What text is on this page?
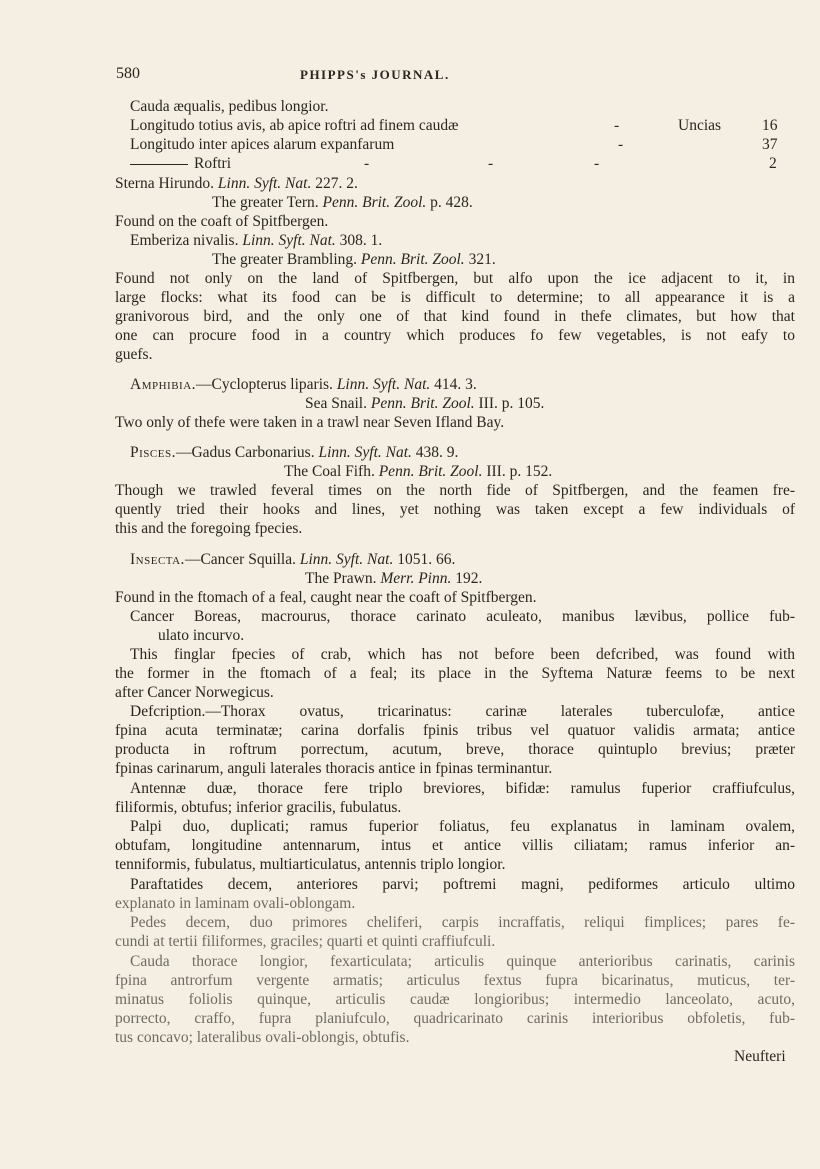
580	PHIPPS's JOURNAL.
Cauda æqualis, pedibus longior.
Longitudo totius avis, ab apice roftri ad finem caudæ	-	Uncias	16
Longitudo inter apices alarum expanfarum	-	37
Roftri	-	-	-	2
Sterna Hirundo. Linn. Syft. Nat. 227. 2.
The greater Tern. Penn. Brit. Zool. p. 428.
Found on the coaft of Spitfbergen.
Emberiza nivalis. Linn. Syft. Nat. 308. 1.
The greater Brambling. Penn. Brit. Zool. 321.
Found not only on the land of Spitfbergen, but alfo upon the ice adjacent to it, in
large flocks: what its food can be is difficult to determine; to all appearance it is a
granivorous bird, and the only one of that kind found in thefe climates, but how that
one can procure food in a country which produces fo few vegetables, is not eafy to
guefs.
Amphibia.—Cyclopterus liparis. Linn. Syft. Nat. 414. 3.
Sea Snail. Penn. Brit. Zool. III. p. 105.
Two only of thefe were taken in a trawl near Seven Ifland Bay.
Pisces.—Gadus Carbonarius. Linn. Syft. Nat. 438. 9.
The Coal Fifh. Penn. Brit. Zool. III. p. 152.
Though we trawled feveral times on the north fide of Spitfbergen, and the feamen fre-
quently tried their hooks and lines, yet nothing was taken except a few individuals of
this and the foregoing fpecies.
Insecta.—Cancer Squilla. Linn. Syft. Nat. 1051. 66.
The Prawn. Merr. Pinn. 192.
Found in the ftomach of a feal, caught near the coaft of Spitfbergen.
Cancer Boreas, macrourus, thorace carinato aculeato, manibus lævibus, pollice fub-
ulato incurvo.
This finglar fpecies of crab, which has not before been defcribed, was found with
the former in the ftomach of a feal; its place in the Syftema Naturæ feems to be next
after Cancer Norwegicus.
Defcription.—Thorax ovatus, tricarinatus: carinæ laterales tuberculofæ, antice
fpina acuta terminatæ; carina dorfalis fpinis tribus vel quatuor validis armata; antice
producta in roftrum porrectum, acutum, breve, thorace quintuplo brevius; præter
fpinas carinarum, anguli laterales thoracis antice in fpinas terminantur.
Antennæ duæ, thorace fere triplo breviores, bifidæ: ramulus fuperior craffiufculus,
filiformis, obtufus; inferior gracilis, fubulatus.
Palpi duo, duplicati; ramus fuperior foliatus, feu explanatus in laminam ovalem,
obtufam, longitudine antennarum, intus et antice villis ciliatam; ramus inferior an-
tenniformis, fubulatus, multiarticulatus, antennis triplo longior.
Paraftatides decem, anteriores parvi; poftremi magni, pediformes articulo ultimo
explanato in laminam ovali-oblongam.
Pedes decem, duo primores cheliferi, carpis incraffatis, reliqui fimplices; pares fe-
cundi at tertii filiformes, graciles; quarti et quinti craffiufculi.
Cauda thorace longior, fexarticulata; articulis quinque anterioribus carinatis, carinis
fpina antrorfum vergente armatis; articulus fextus fupra bicarinatus, muticus, ter-
minatus foliolis quinque, articulis caudæ longioribus; intermedio lanceolato, acuto,
porrecto, craffo, fupra planiufculo, quadricarinato carinis interioribus obfoletis, fub-
tus concavo; lateralibus ovali-oblongis, obtufis.
Neufteri
